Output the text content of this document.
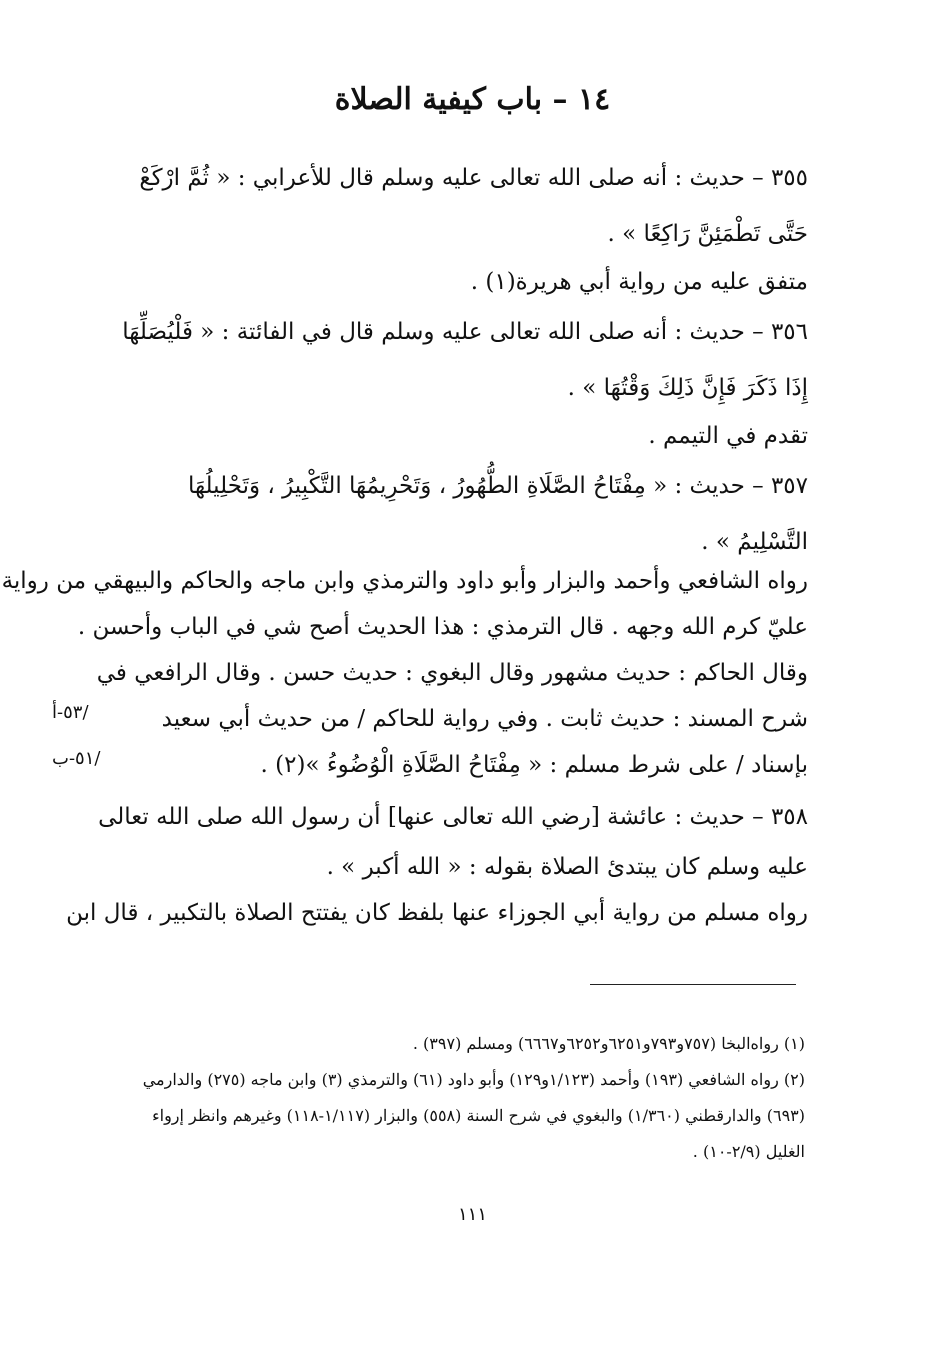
١٤ – باب كيفية الصلاة
٣٥٥ – حديث : أنه صلى الله تعالى عليه وسلم قال للأعرابي : « ثُمَّ ارْكَعْ
حَتَّى تَطْمَئِنَّ رَاكِعًا » .
متفق عليه من رواية أبي هريرة(١) .
٣٥٦ – حديث : أنه صلى الله تعالى عليه وسلم قال في الفائتة : « فَلْيُصَلِّهَا
إِذَا ذَكَرَ فَإِنَّ ذَلِكَ وَقْتُهَا » .
تقدم في التيمم .
٣٥٧ – حديث : « مِفْتَاحُ الصَّلَاةِ الطُّهُورُ ، وَتَحْرِيمُهَا التَّكْبِيرُ ، وَتَحْلِيلُهَا
التَّسْلِيمُ » .
رواه الشافعي وأحمد والبزار وأبو داود والترمذي وابن ماجه والحاكم والبيهقي من رواية
عليّ كرم الله وجهه . قال الترمذي : هذا الحديث أصح شي في الباب وأحسن .
وقال الحاكم : حديث مشهور وقال البغوي : حديث حسن . وقال الرافعي في
شرح المسند : حديث ثابت . وفي رواية للحاكم / من حديث أبي سعيد
بإسناد / على شرط مسلم : « مِفْتَاحُ الصَّلَاةِ الْوُضُوءُ »(٢) .
٣٥٨ – حديث : عائشة [رضي الله تعالى عنها] أن رسول الله صلى الله تعالى
عليه وسلم كان يبتدئ الصلاة بقوله : « الله أكبر » .
رواه مسلم من رواية أبي الجوزاء عنها بلفظ كان يفتتح الصلاة بالتكبير ، قال ابن
/٥٣-أ
/٥١-ب
(١) رواه‌البخا (٧٥٧و٧٩٣و٦٢٥١و٦٢٥٢و٦٦٦٧) ومسلم (٣٩٧) .
(٢) رواه الشافعي (١٩٣) وأحمد (١/١٢٣و١٢٩) وأبو داود (٦١) والترمذي (٣) وابن ماجه (٢٧٥) والدارمي
(٦٩٣) والدارقطني (١/٣٦٠) والبغوي في شرح السنة (٥٥٨) والبزار (١/١١٧-١١٨) وغيرهم وانظر إرواء
الغليل (٢/٩-١٠) .
١١١
